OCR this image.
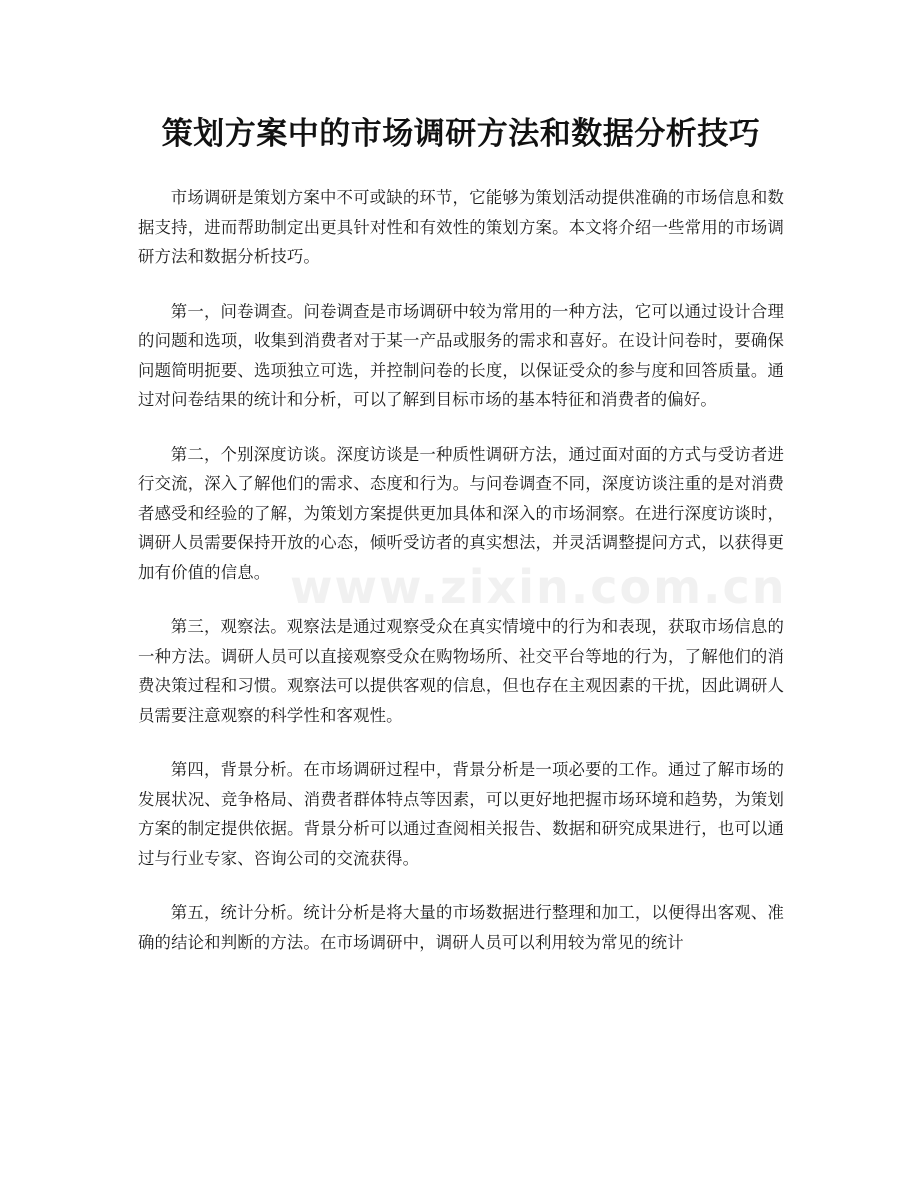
策划方案中的市场调研方法和数据分析技巧

市场调研是策划方案中不可或缺的环节，它能够为策划活动提供准确的市场信息和数据支持，进而帮助制定出更具针对性和有效性的策划方案。本文将介绍一些常用的市场调研方法和数据分析技巧。

第一，问卷调查。问卷调查是市场调研中较为常用的一种方法，它可以通过设计合理的问题和选项，收集到消费者对于某一产品或服务的需求和喜好。在设计问卷时，要确保问题简明扼要、选项独立可选，并控制问卷的长度，以保证受众的参与度和回答质量。通过对问卷结果的统计和分析，可以了解到目标市场的基本特征和消费者的偏好。

第二，个别深度访谈。深度访谈是一种质性调研方法，通过面对面的方式与受访者进行交流，深入了解他们的需求、态度和行为。与问卷调查不同，深度访谈注重的是对消费者感受和经验的了解，为策划方案提供更加具体和深入的市场洞察。在进行深度访谈时，调研人员需要保持开放的心态，倾听受访者的真实想法，并灵活调整提问方式，以获得更加有价值的信息。

第三，观察法。观察法是通过观察受众在真实情境中的行为和表现，获取市场信息的一种方法。调研人员可以直接观察受众在购物场所、社交平台等地的行为，了解他们的消费决策过程和习惯。观察法可以提供客观的信息，但也存在主观因素的干扰，因此调研人员需要注意观察的科学性和客观性。

第四，背景分析。在市场调研过程中，背景分析是一项必要的工作。通过了解市场的发展状况、竞争格局、消费者群体特点等因素，可以更好地把握市场环境和趋势，为策划方案的制定提供依据。背景分析可以通过查阅相关报告、数据和研究成果进行，也可以通过与行业专家、咨询公司的交流获得。

第五，统计分析。统计分析是将大量的市场数据进行整理和加工，以便得出客观、准确的结论和判断的方法。在市场调研中，调研人员可以利用较为常见的统计

www.zixin.com.cn
